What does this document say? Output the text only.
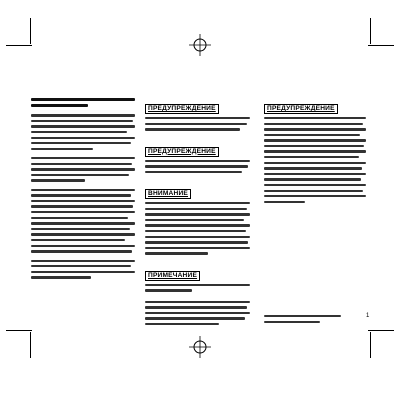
ПРЕДУПРЕЖДЕНИЕ
ПРЕДУПРЕЖДЕНИЕ
ВНИМАНИЕ
ПРИМЕЧАНИЕ
ПРЕДУПРЕЖДЕНИЕ
1
